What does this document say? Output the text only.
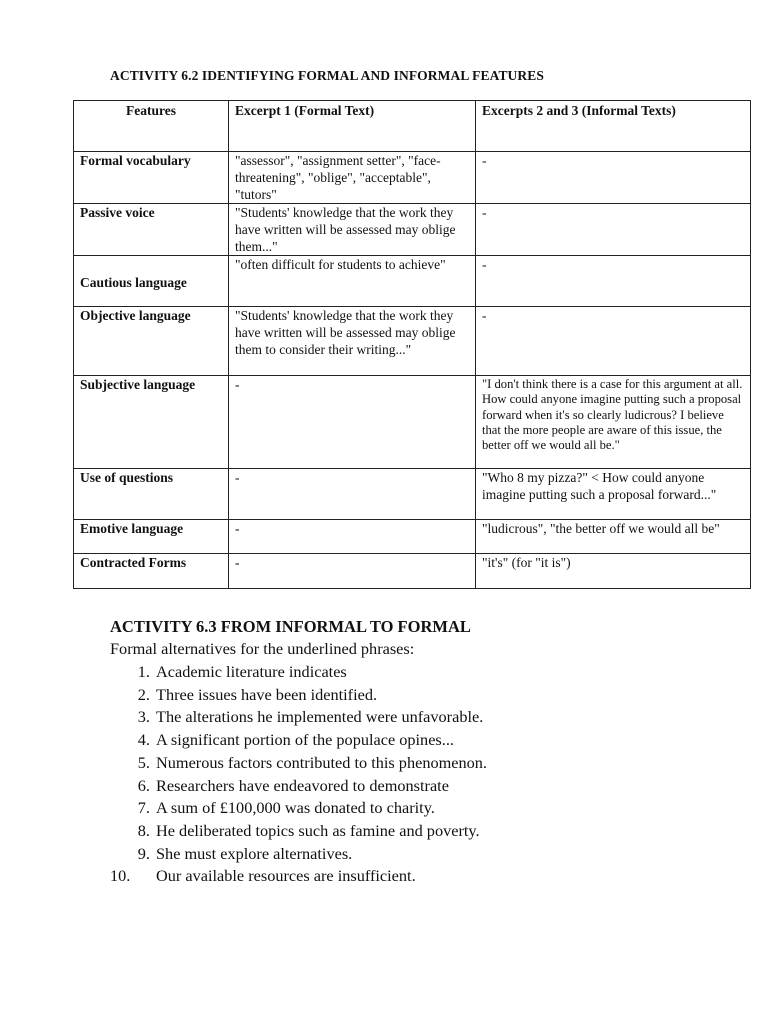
ACTIVITY 6.2 IDENTIFYING FORMAL AND INFORMAL FEATURES
Features	Excerpt 1 (Formal Text)	Excerpts 2 and 3 (Informal Texts)
Formal vocabulary	"assessor", "assignment setter", "face-threatening", "oblige", "acceptable", "tutors"	-
Passive voice	"Students' knowledge that the work they have written will be assessed may oblige them..."	-
Cautious language	"often difficult for students to achieve"	-
Objective language	"Students' knowledge that the work they have written will be assessed may oblige them to consider their writing..."	-
Subjective language	-	"I don't think there is a case for this argument at all. How could anyone imagine putting such a proposal forward when it's so clearly ludicrous? I believe that the more people are aware of this issue, the better off we would all be."
Use of questions	-	"Who 8 my pizza?" < How could anyone imagine putting such a proposal forward..."
Emotive language	-	"ludicrous", "the better off we would all be"
Contracted Forms	-	"it's" (for "it is")
ACTIVITY 6.3 FROM INFORMAL TO FORMAL
Formal alternatives for the underlined phrases:
1. Academic literature indicates
2. Three issues have been identified.
3. The alterations he implemented were unfavorable.
4. A significant portion of the populace opines...
5. Numerous factors contributed to this phenomenon.
6. Researchers have endeavored to demonstrate
7. A sum of £100,000 was donated to charity.
8. He deliberated topics such as famine and poverty.
9. She must explore alternatives.
10. Our available resources are insufficient.
